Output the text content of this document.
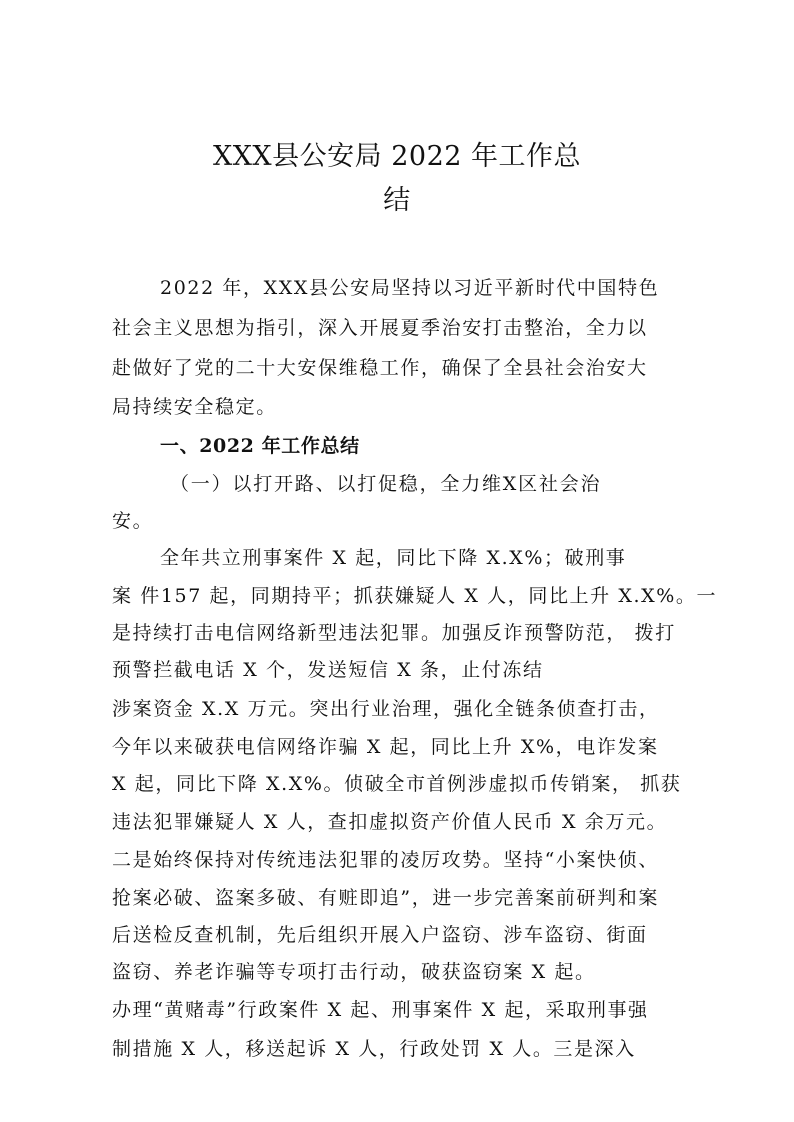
XXX县公安局 2022 年工作总
结
2022 年，XXX县公安局坚持以习近平新时代中国特色
社会主义思想为指引，深入开展夏季治安打击整治，全力以
赴做好了党的二十大安保维稳工作，确保了全县社会治安大
局持续安全稳定。
一、2022 年工作总结
（一）以打开路、以打促稳，全力维X区社会治
安。
全年共立刑事案件 X 起，同比下降 X.X%；破刑事
案 件157 起，同期持平；抓获嫌疑人 X 人，同比上升 X.X%。一
是持续打击电信网络新型违法犯罪。加强反诈预警防范， 拨打
预警拦截电话 X 个，发送短信 X 条，止付冻结
涉案资金 X.X 万元。突出行业治理，强化全链条侦查打击，
今年以来破获电信网络诈骗 X 起，同比上升 X%，电诈发案
X 起，同比下降 X.X%。侦破全市首例涉虚拟币传销案， 抓获
违法犯罪嫌疑人 X 人，查扣虚拟资产价值人民币 X 余万元。
二是始终保持对传统违法犯罪的凌厉攻势。坚持“小案快侦、
抢案必破、盗案多破、有赃即追”，进一步完善案前研判和案
后送检反查机制，先后组织开展入户盗窃、涉车盗窃、街面
盗窃、养老诈骗等专项打击行动，破获盗窃案 X 起。
办理“黄赌毒”行政案件 X 起、刑事案件 X 起，采取刑事强
制措施 X 人，移送起诉 X 人，行政处罚 X 人。三是深入
